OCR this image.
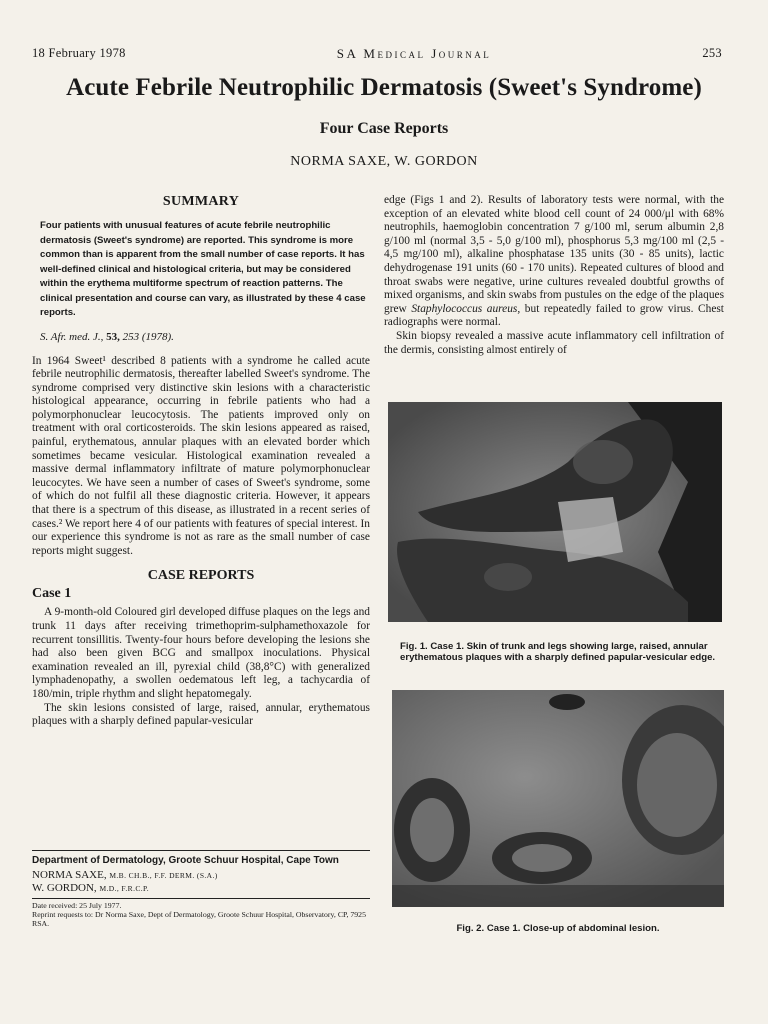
18 February 1978	SA Medical Journal	253
Acute Febrile Neutrophilic Dermatosis (Sweet's Syndrome)
Four Case Reports
NORMA SAXE, W. GORDON
SUMMARY

Four patients with unusual features of acute febrile neutrophilic dermatosis (Sweet's syndrome) are reported. This syndrome is more common than is apparent from the small number of case reports. It has well-defined clinical and histological criteria, but may be considered within the erythema multiforme spectrum of reaction patterns. The clinical presentation and course can vary, as illustrated by these 4 case reports.

S. Afr. med. J., 53, 253 (1978).

In 1964 Sweet¹ described 8 patients with a syndrome he called acute febrile neutrophilic dermatosis, thereafter labelled Sweet's syndrome. The syndrome comprised very distinctive skin lesions with a characteristic histological appearance, occurring in febrile patients who had a polymorphonuclear leucocytosis. The patients improved only on treatment with oral corticosteroids. The skin lesions appeared as raised, painful, erythematous, annular plaques with an elevated border which sometimes became vesicular. Histological examination revealed a massive dermal inflammatory infiltrate of mature polymorphonuclear leucocytes. We have seen a number of cases of Sweet's syndrome, some of which do not fulfil all these diagnostic criteria. However, it appears that there is a spectrum of this disease, as illustrated in a recent series of cases.² We report here 4 of our patients with features of special interest. In our experience this syndrome is not as rare as the small number of case reports might suggest.

CASE REPORTS
Case 1

A 9-month-old Coloured girl developed diffuse plaques on the legs and trunk 11 days after receiving trimethoprim-sulphamethoxazole for recurrent tonsillitis. Twenty-four hours before developing the lesions she had also been given BCG and smallpox inoculations. Physical examination revealed an ill, pyrexial child (38,8°C) with generalized lymphadenopathy, a swollen oedematous left leg, a tachycardia of 180/min, triple rhythm and slight hepatomegaly.

The skin lesions consisted of large, raised, annular, erythematous plaques with a sharply defined papular-vesicular

Department of Dermatology, Groote Schuur Hospital, Cape Town
NORMA SAXE, M.B. CH.B., F.F. DERM. (S.A.)
W. GORDON, M.D., F.R.C.P.
Date received: 25 July 1977.
Reprint requests to: Dr Norma Saxe, Dept of Dermatology, Groote Schuur Hospital, Observatory, CP, 7925 RSA.

edge (Figs 1 and 2). Results of laboratory tests were normal, with the exception of an elevated white blood cell count of 24 000/μl with 68% neutrophils, haemoglobin concentration 7 g/100 ml, serum albumin 2,8 g/100 ml (normal 3,5 - 5,0 g/100 ml), phosphorus 5,3 mg/100 ml (2,5 - 4,5 mg/100 ml), alkaline phosphatase 135 units (30 - 85 units), lactic dehydrogenase 191 units (60 - 170 units). Repeated cultures of blood and throat swabs were negative, urine cultures revealed doubtful growths of mixed organisms, and skin swabs from pustules on the edge of the plaques grew Staphylococcus aureus, but repeatedly failed to grow virus. Chest radiographs were normal.

Skin biopsy revealed a massive acute inflammatory cell infiltration of the dermis, consisting almost entirely of

Fig. 1. Case 1. Skin of trunk and legs showing large, raised, annular erythematous plaques with a sharply defined papular-vesicular edge.
Fig. 2. Case 1. Close-up of abdominal lesion.
